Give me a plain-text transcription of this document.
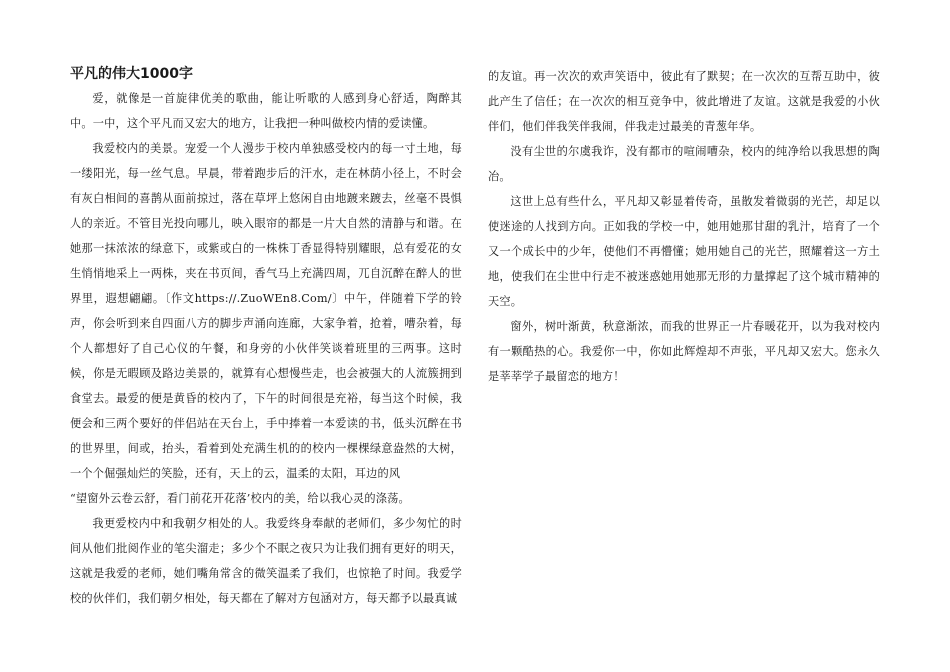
平凡的伟大1000字

爱，就像是一首旋律优美的歌曲，能让听歌的人感到身心舒适，陶醉其中。一中，这个平凡而又宏大的地方，让我把一种叫做校内情的爱读懂。

我爱校内的美景。宠爱一个人漫步于校内单独感受校内的每一寸土地，每一缕阳光，每一丝气息。早晨，带着跑步后的汗水，走在林荫小径上，不时会有灰白相间的喜鹊从面前掠过，落在草坪上悠闲自由地踱来踱去，丝毫不畏惧人的亲近。不管目光投向哪儿，映入眼帘的都是一片大自然的清静与和谐。在她那一抹浓浓的绿意下，或紫或白的一株株丁香显得特别耀眼，总有爱花的女生悄悄地采上一两株，夹在书页间，香气马上充满四周，兀自沉醉在醉人的世界里，遐想翩翩。〔作文https://.ZuoWEn8.Com/〕中午，伴随着下学的铃声，你会听到来自四面八方的脚步声涌向连廊，大家争着，抢着，嘈杂着，每个人都想好了自己心仪的午餐，和身旁的小伙伴笑谈着班里的三两事。这时候，你是无暇顾及路边美景的，就算有心想慢些走，也会被强大的人流簇拥到食堂去。最爱的便是黄昏的校内了，下午的时间很是充裕，每当这个时候，我便会和三两个要好的伴侣站在天台上，手中捧着一本爱读的书，低头沉醉在书的世界里，间或，抬头，看着到处充满生机的的校内一棵棵绿意盎然的大树，一个个倔强灿烂的笑脸，还有，天上的云，温柔的太阳，耳边的风

“望窗外云卷云舒，看门前花开花落’校内的美，给以我心灵的涤荡。

我更爱校内中和我朝夕相处的人。我爱终身奉献的老师们，多少匆忙的时间从他们批阅作业的笔尖溜走；多少个不眠之夜只为让我们拥有更好的明天，这就是我爱的老师，她们嘴角常含的微笑温柔了我们，也惊艳了时间。我爱学校的伙伴们，我们朝夕相处，每天都在了解对方包涵对方，每天都予以最真诚

的友谊。再一次次的欢声笑语中，彼此有了默契；在一次次的互帮互助中，彼此产生了信任；在一次次的相互竞争中，彼此增进了友谊。这就是我爱的小伙伴们，他们伴我笑伴我闹，伴我走过最美的青葱年华。

没有尘世的尔虞我诈，没有都市的喧闹嘈杂，校内的纯净给以我思想的陶冶。

这世上总有些什么，平凡却又彰显着传奇，虽散发着微弱的光芒，却足以使迷途的人找到方向。正如我的学校一中，她用她那甘甜的乳汁，培育了一个又一个成长中的少年，使他们不再懵懂；她用她自己的光芒，照耀着这一方土地，使我们在尘世中行走不被迷惑她用她那无形的力量撑起了这个城市精神的天空。

窗外，树叶渐黄，秋意渐浓，而我的世界正一片春暖花开，以为我对校内有一颗酷热的心。我爱你一中，你如此辉煌却不声张，平凡却又宏大。您永久是莘莘学子最留恋的地方！
